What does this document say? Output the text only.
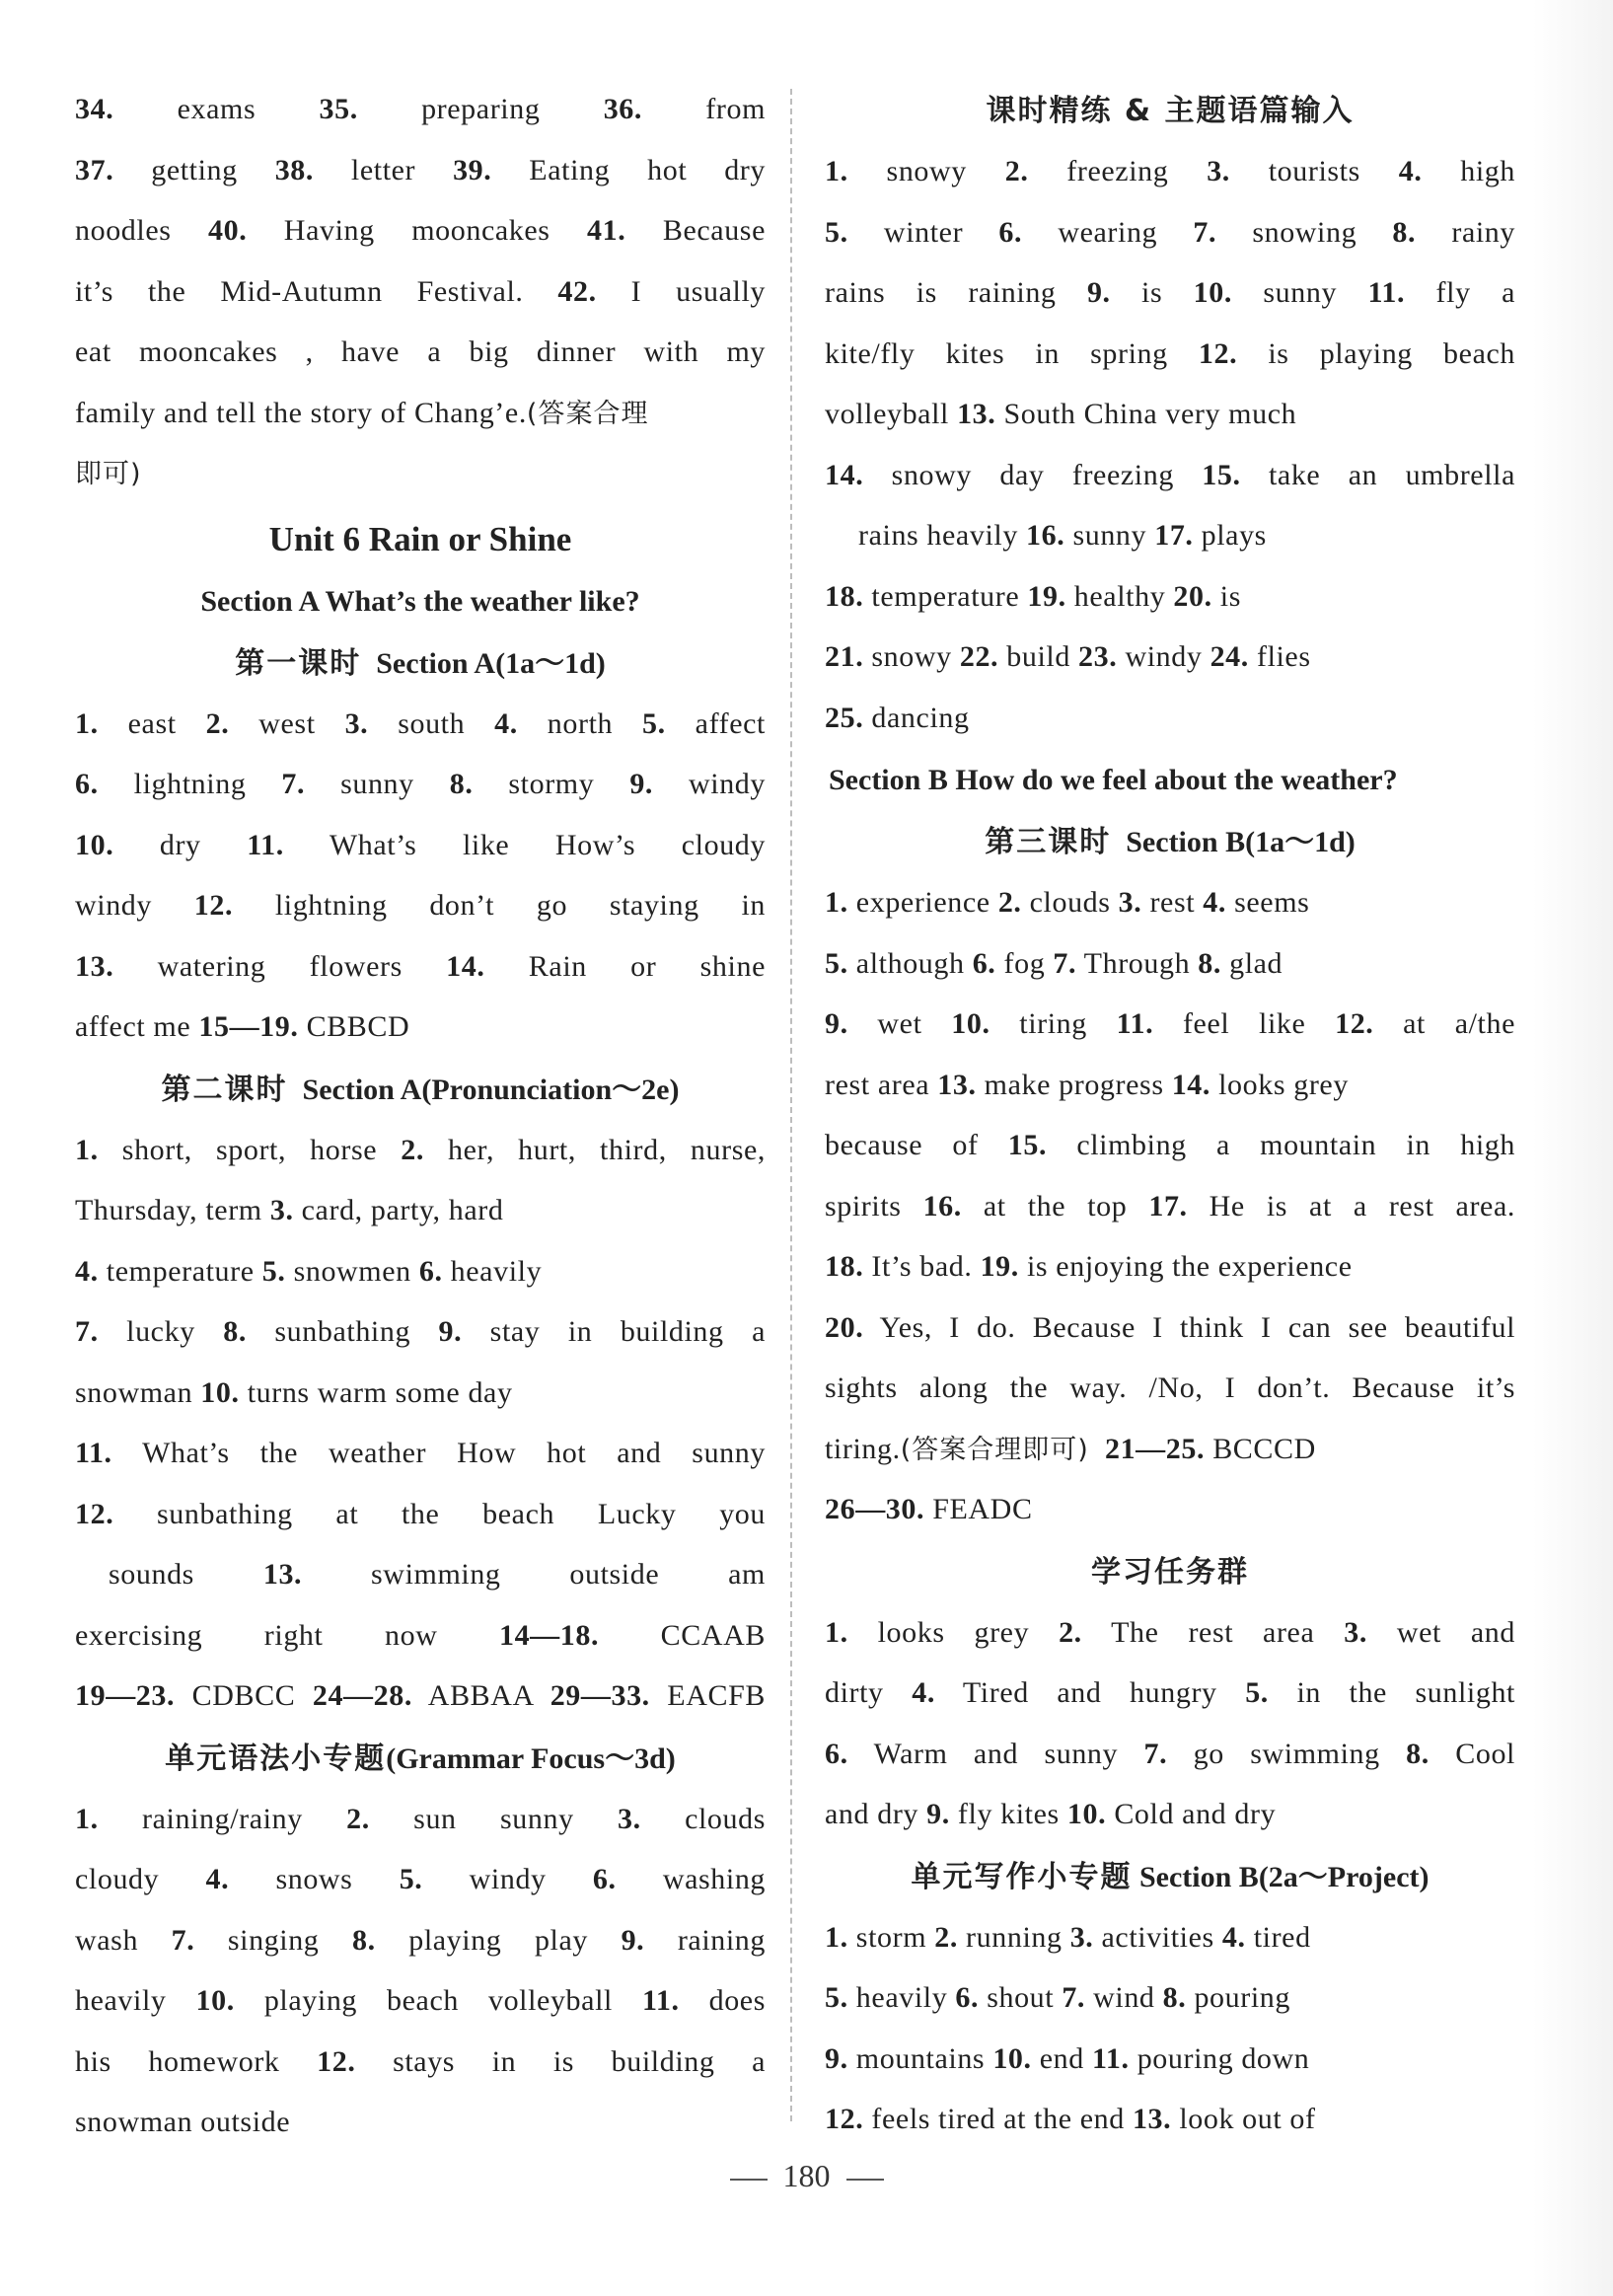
34. exams 35. preparing 36. from
37. getting 38. letter 39. Eating hot dry
noodles 40. Having mooncakes 41. Because
it’s the Mid-Autumn Festival. 42. I usually
eat mooncakes , have a big dinner with my
family and tell the story of Chang’e.(答案合理
即可)
Unit 6 Rain or Shine
Section A What’s the weather like?
第一课时 Section A(1a～1d)
1. east 2. west 3. south 4. north 5. affect
6. lightning 7. sunny 8. stormy 9. windy
10. dry 11. What’s like How’s cloudy
windy 12. lightning don’t go staying in
13. watering flowers 14. Rain or shine
affect me 15—19. CBBCD
第二课时 Section A(Pronunciation～2e)
1. short, sport, horse 2. her, hurt, third, nurse,
Thursday, term 3. card, party, hard
4. temperature 5. snowmen 6. heavily
7. lucky 8. sunbathing 9. stay in building a
snowman 10. turns warm some day
11. What’s the weather How hot and sunny
12. sunbathing at the beach Lucky you
sounds 13. swimming outside am
exercising right now 14—18. CCAAB
19—23. CDBCC 24—28. ABBAA 29—33. EACFB
单元语法小专题(Grammar Focus～3d)
1. raining/rainy 2. sun sunny 3. clouds
cloudy 4. snows 5. windy 6. washing
wash 7. singing 8. playing play 9. raining
heavily 10. playing beach volleyball 11. does
his homework 12. stays in is building a
snowman outside
课时精练 & 主题语篇输入
1. snowy 2. freezing 3. tourists 4. high
5. winter 6. wearing 7. snowing 8. rainy
rains is raining 9. is 10. sunny 11. fly a
kite/fly kites in spring 12. is playing beach
volleyball 13. South China very much
14. snowy day freezing 15. take an umbrella
rains heavily 16. sunny 17. plays
18. temperature 19. healthy 20. is
21. snowy 22. build 23. windy 24. flies
25. dancing
Section B How do we feel about the weather?
第三课时 Section B(1a～1d)
1. experience 2. clouds 3. rest 4. seems
5. although 6. fog 7. Through 8. glad
9. wet 10. tiring 11. feel like 12. at a/the
rest area 13. make progress 14. looks grey
because of 15. climbing a mountain in high
spirits 16. at the top 17. He is at a rest area.
18. It’s bad. 19. is enjoying the experience
20. Yes, I do. Because I think I can see beautiful
sights along the way. /No, I don’t. Because it’s
tiring.(答案合理即可) 21—25. BCCCD
26—30. FEADC
学习任务群
1. looks grey 2. The rest area 3. wet and
dirty 4. Tired and hungry 5. in the sunlight
6. Warm and sunny 7. go swimming 8. Cool
and dry 9. fly kites 10. Cold and dry
单元写作小专题 Section B(2a～Project)
1. storm 2. running 3. activities 4. tired
5. heavily 6. shout 7. wind 8. pouring
9. mountains 10. end 11. pouring down
12. feels tired at the end 13. look out of
180
